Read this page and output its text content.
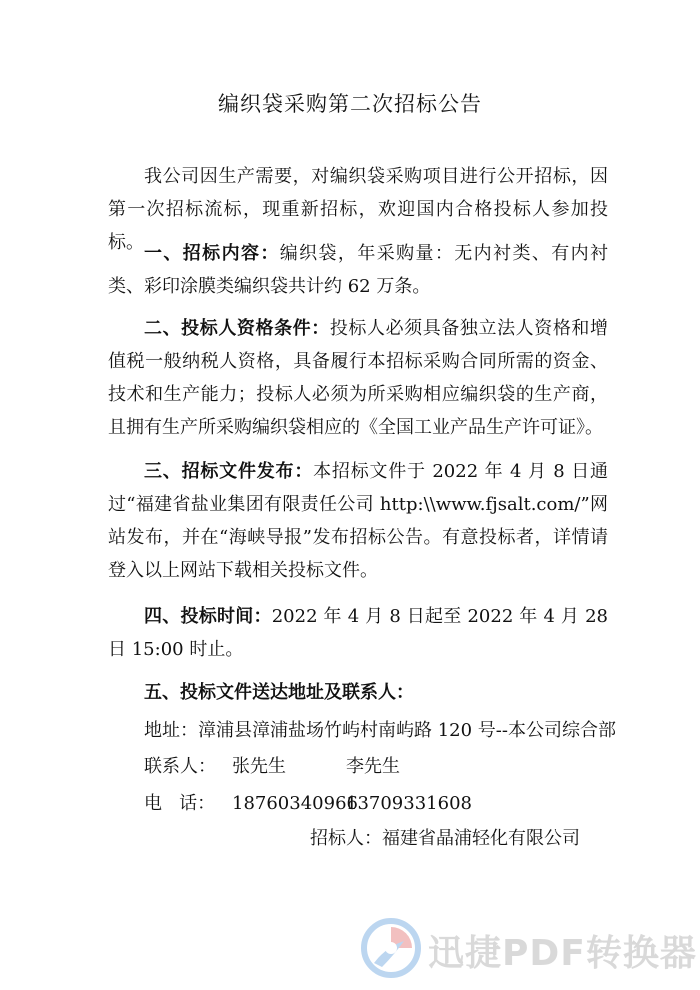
编织袋采购第二次招标公告
我公司因生产需要，对编织袋采购项目进行公开招标，因第一次招标流标，现重新招标，欢迎国内合格投标人参加投标。
一、招标内容：编织袋，年采购量：无内衬类、有内衬类、彩印涂膜类编织袋共计约 62 万条。
二、投标人资格条件：投标人必须具备独立法人资格和增值税一般纳税人资格，具备履行本招标采购合同所需的资金、技术和生产能力；投标人必须为所采购相应编织袋的生产商，且拥有生产所采购编织袋相应的《全国工业产品生产许可证》。
三、招标文件发布：本招标文件于 2022 年 4 月 8 日通过“福建省盐业集团有限责任公司 http:\\www.fjsalt.com/”网站发布，并在“海峡导报”发布招标公告。有意投标者，详情请登入以上网站下载相关投标文件。
四、投标时间：2022 年 4 月 8 日起至 2022 年 4 月 28 日 15:00 时止。
五、投标文件送达地址及联系人：
地址：漳浦县漳浦盐场竹屿村南屿路 120 号--本公司综合部
联系人： 张先生	李先生
电   话： 18760340966
13709331608
招标人：福建省晶浦轻化有限公司
迅捷PDF转换器
